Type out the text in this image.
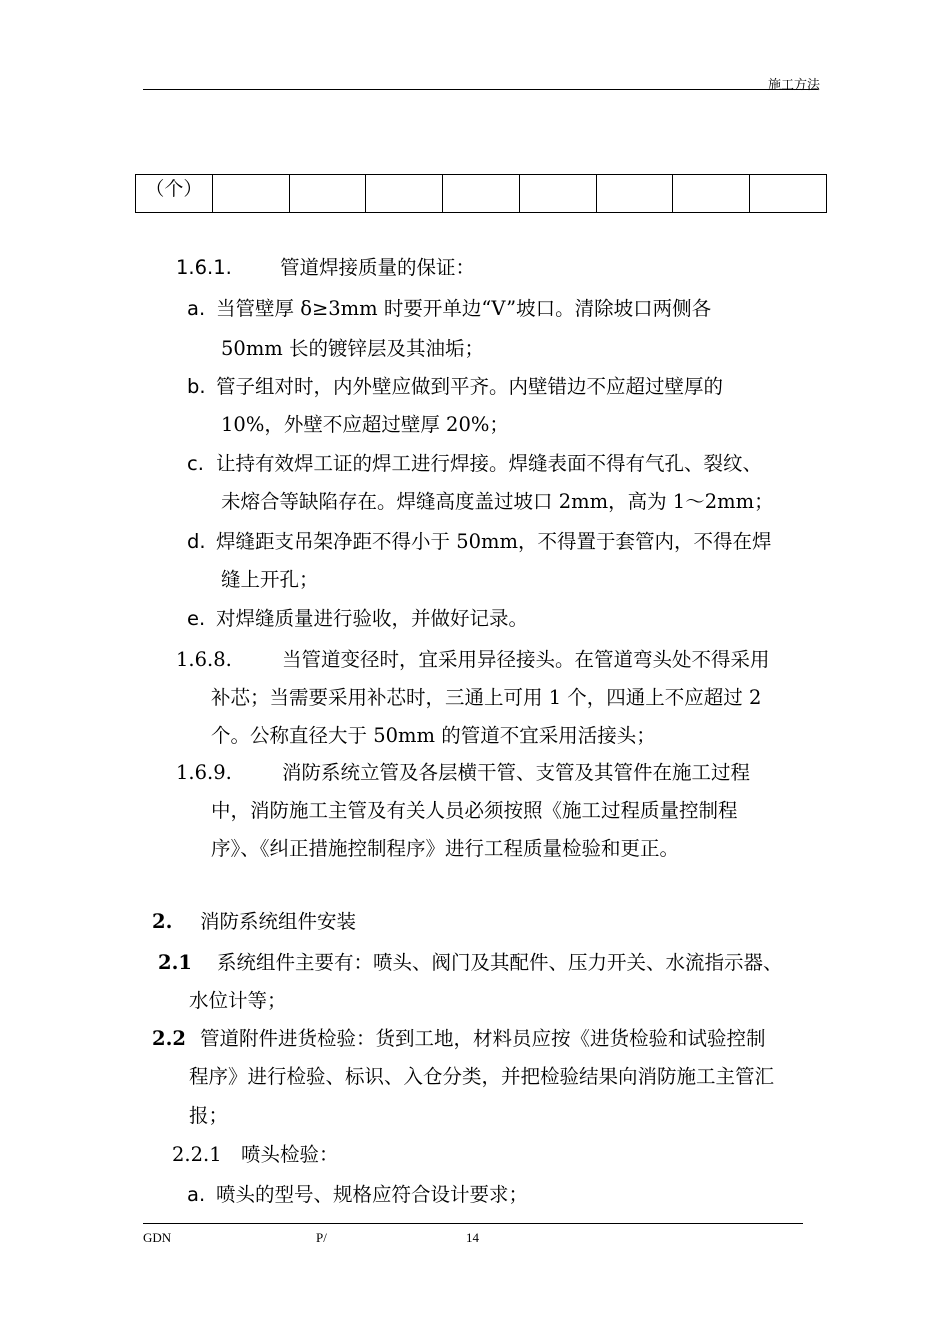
施工方法
（个）								
1.6.1. 管道焊接质量的保证：
a. 当管壁厚 δ≥3mm 时要开单边“V”坡口。清除坡口两侧各
50mm 长的镀锌层及其油垢；
b. 管子组对时，内外壁应做到平齐。内壁错边不应超过壁厚的
10%，外壁不应超过壁厚 20%；
c. 让持有效焊工证的焊工进行焊接。焊缝表面不得有气孔、裂纹、
未熔合等缺陷存在。焊缝高度盖过坡口 2mm，高为 1～2mm；
d. 焊缝距支吊架净距不得小于 50mm，不得置于套管内，不得在焊
缝上开孔；
e. 对焊缝质量进行验收，并做好记录。
1.6.8.	当管道变径时，宜采用异径接头。在管道弯头处不得采用
补芯；当需要采用补芯时，三通上可用 1 个，四通上不应超过 2
个。公称直径大于 50mm 的管道不宜采用活接头；
1.6.9.	消防系统立管及各层横干管、支管及其管件在施工过程
中，消防施工主管及有关人员必须按照《施工过程质量控制程
序》、《纠正措施控制程序》进行工程质量检验和更正。
2. 消防系统组件安装
2.1 系统组件主要有：喷头、阀门及其配件、压力开关、水流指示器、
水位计等；
2.2 管道附件进货检验：货到工地，材料员应按《进货检验和试验控制
程序》进行检验、标识、入仓分类，并把检验结果向消防施工主管汇
报；
2.2.1 喷头检验：
a. 喷头的型号、规格应符合设计要求；
GDN	P/	14
